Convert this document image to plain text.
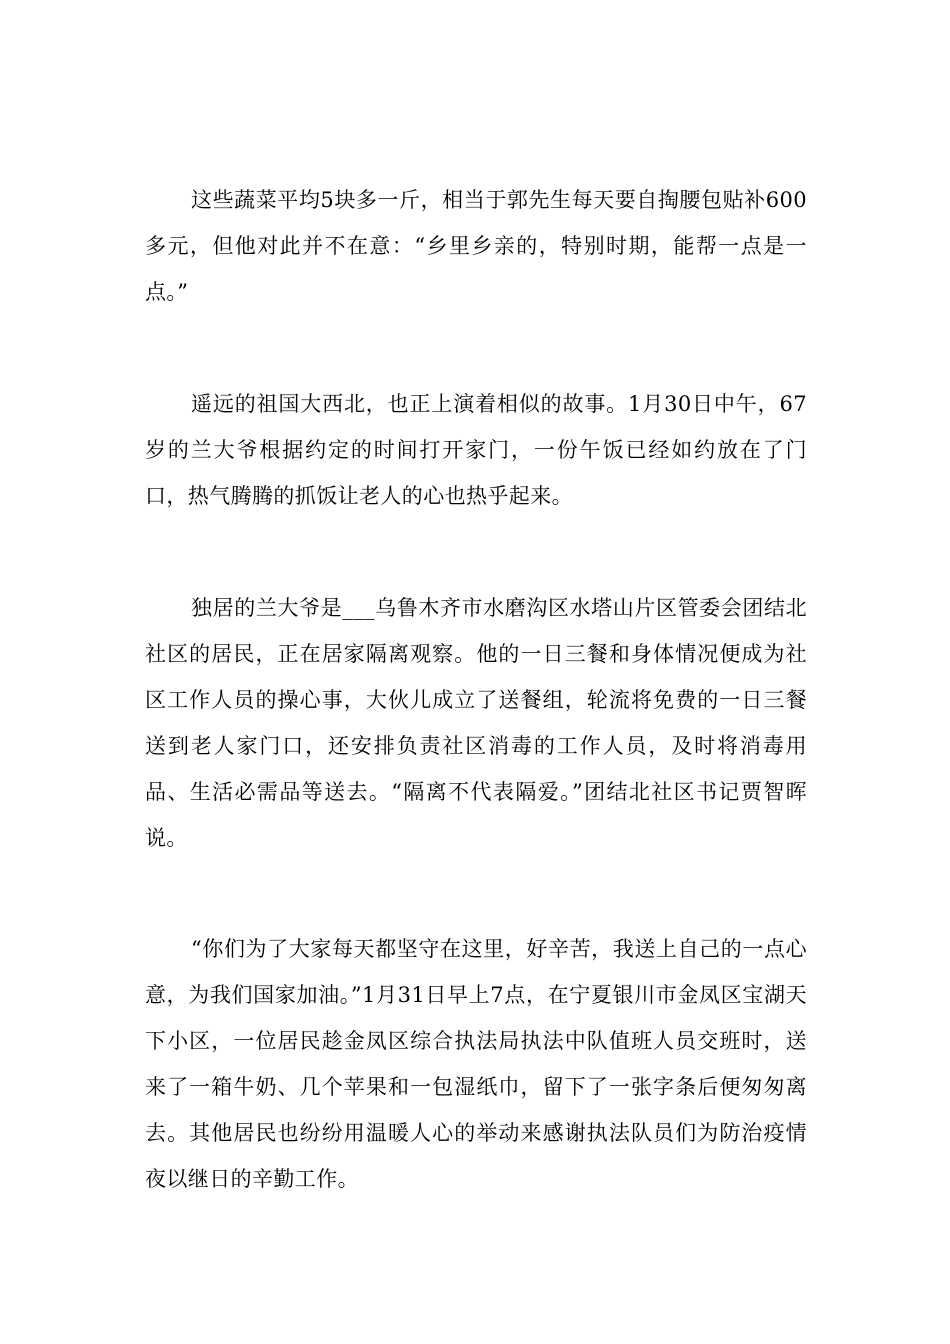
这些蔬菜平均5块多一斤，相当于郭先生每天要自掏腰包贴补600多元，但他对此并不在意：“乡里乡亲的，特别时期，能帮一点是一点。”

遥远的祖国大西北，也正上演着相似的故事。1月30日中午，67岁的兰大爷根据约定的时间打开家门，一份午饭已经如约放在了门口，热气腾腾的抓饭让老人的心也热乎起来。

独居的兰大爷是___乌鲁木齐市水磨沟区水塔山片区管委会团结北社区的居民，正在居家隔离观察。他的一日三餐和身体情况便成为社区工作人员的操心事，大伙儿成立了送餐组，轮流将免费的一日三餐送到老人家门口，还安排负责社区消毒的工作人员，及时将消毒用品、生活必需品等送去。“隔离不代表隔爱。”团结北社区书记贾智晖说。

“你们为了大家每天都坚守在这里，好辛苦，我送上自己的一点心意，为我们国家加油。”1月31日早上7点，在宁夏银川市金凤区宝湖天下小区，一位居民趁金凤区综合执法局执法中队值班人员交班时，送来了一箱牛奶、几个苹果和一包湿纸巾，留下了一张字条后便匆匆离去。其他居民也纷纷用温暖人心的举动来感谢执法队员们为防治疫情夜以继日的辛勤工作。
